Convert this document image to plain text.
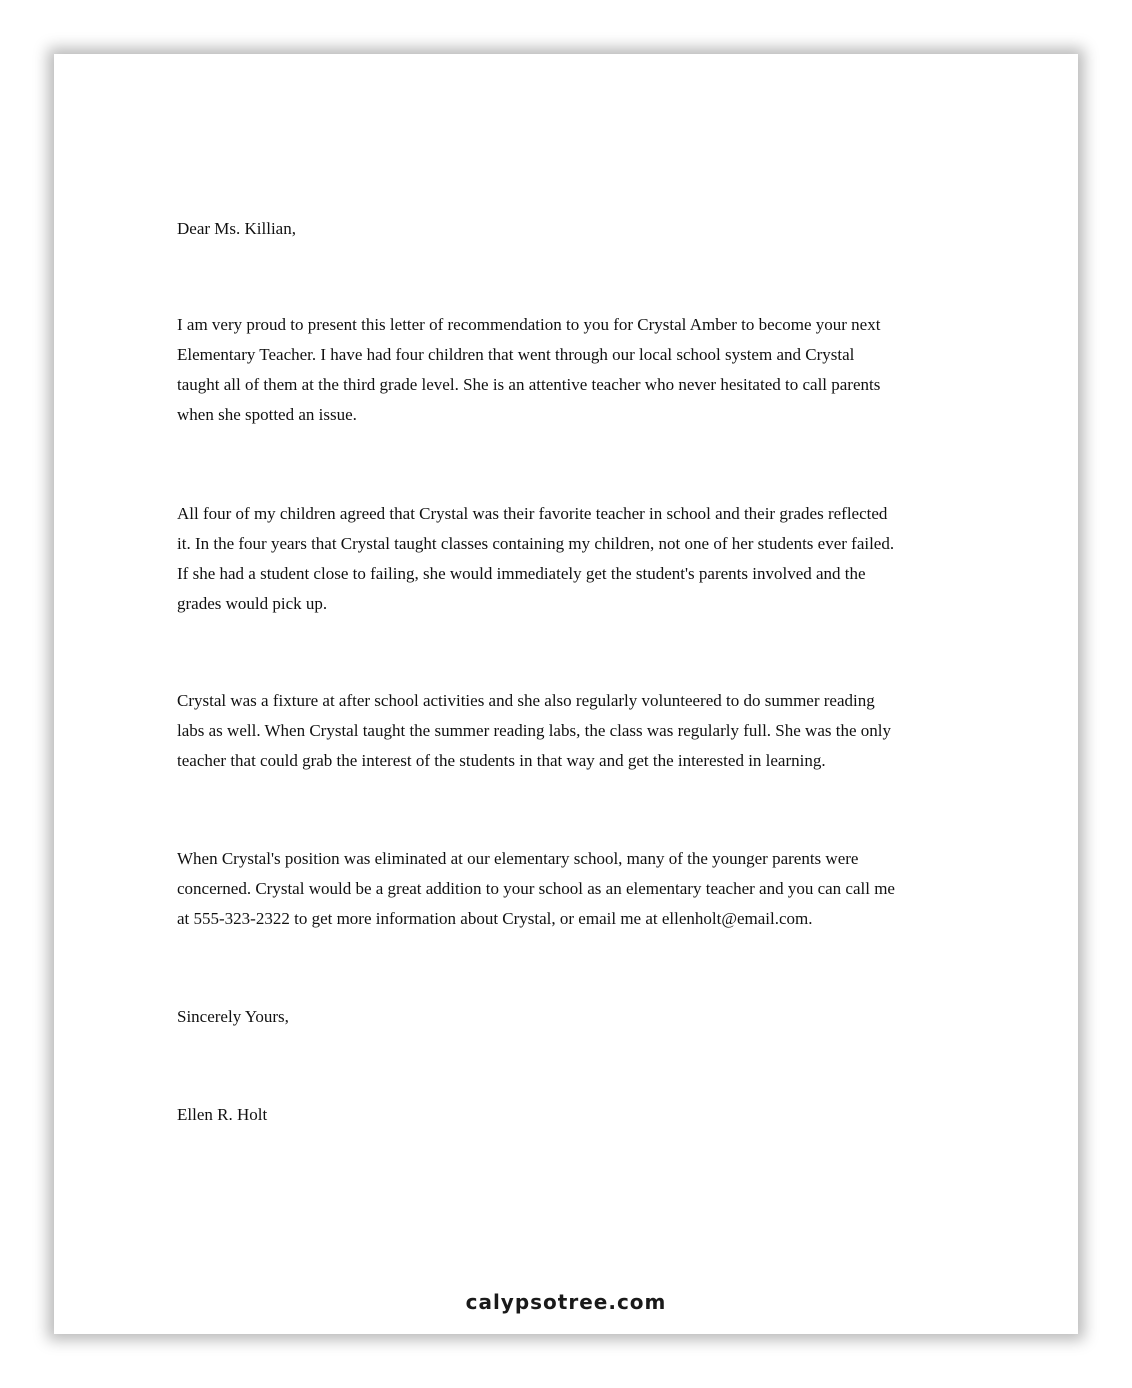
Dear Ms. Killian,

I am very proud to present this letter of recommendation to you for Crystal Amber to become your next
Elementary Teacher. I have had four children that went through our local school system and Crystal
taught all of them at the third grade level. She is an attentive teacher who never hesitated to call parents
when she spotted an issue.

All four of my children agreed that Crystal was their favorite teacher in school and their grades reflected
it. In the four years that Crystal taught classes containing my children, not one of her students ever failed.
If she had a student close to failing, she would immediately get the student's parents involved and the
grades would pick up.

Crystal was a fixture at after school activities and she also regularly volunteered to do summer reading
labs as well. When Crystal taught the summer reading labs, the class was regularly full. She was the only
teacher that could grab the interest of the students in that way and get the interested in learning.

When Crystal's position was eliminated at our elementary school, many of the younger parents were
concerned. Crystal would be a great addition to your school as an elementary teacher and you can call me
at 555-323-2322 to get more information about Crystal, or email me at ellenholt@email.com.

Sincerely Yours,

Ellen R. Holt

calypsotree.com
